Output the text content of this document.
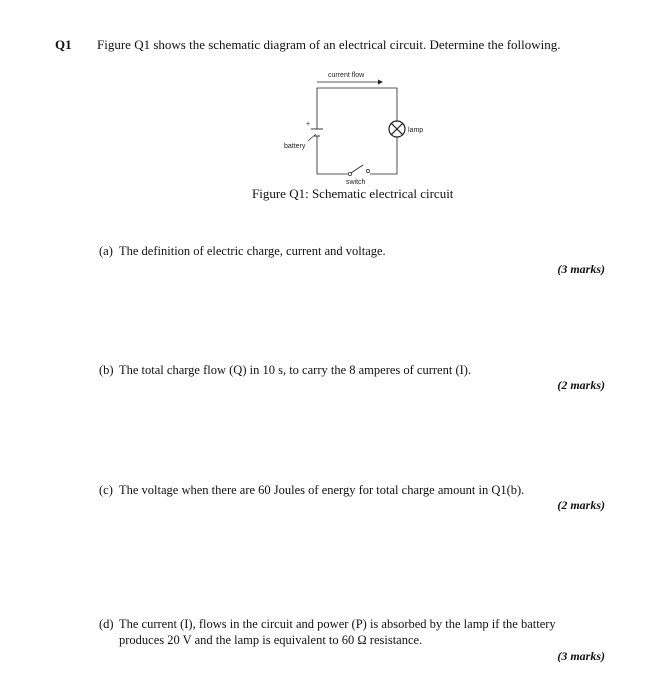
Q1 Figure Q1 shows the schematic diagram of an electrical circuit. Determine the following.
current flow
+
battery
lamp
switch
Figure Q1: Schematic electrical circuit
(a) The definition of electric charge, current and voltage.
(3 marks)
(b) The total charge flow (Q) in 10 s, to carry the 8 amperes of current (I).
(2 marks)
(c) The voltage when there are 60 Joules of energy for total charge amount in Q1(b).
(2 marks)
(d) The current (I), flows in the circuit and power (P) is absorbed by the lamp if the battery
produces 20 V and the lamp is equivalent to 60 Ω resistance.
(3 marks)
